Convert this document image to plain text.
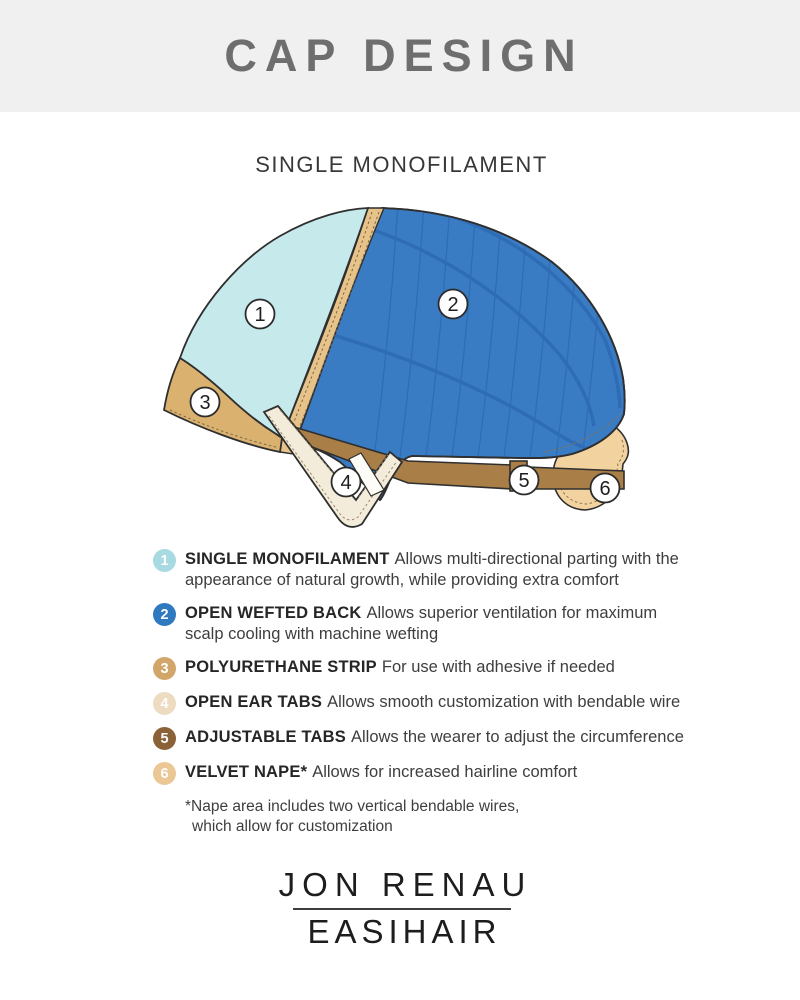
CAP DESIGN
SINGLE MONOFILAMENT
1	2
3
4	5	6
1 SINGLE MONOFILAMENT Allows multi-directional parting with the appearance of natural growth, while providing extra comfort
2 OPEN WEFTED BACK Allows superior ventilation for maximum scalp cooling with machine wefting
3 POLYURETHANE STRIP For use with adhesive if needed
4 OPEN EAR TABS Allows smooth customization with bendable wire
5 ADJUSTABLE TABS Allows the wearer to adjust the circumference
6 VELVET NAPE* Allows for increased hairline comfort
*Nape area includes two vertical bendable wires,
which allow for customization
JON RENAU
EASIHAIR
